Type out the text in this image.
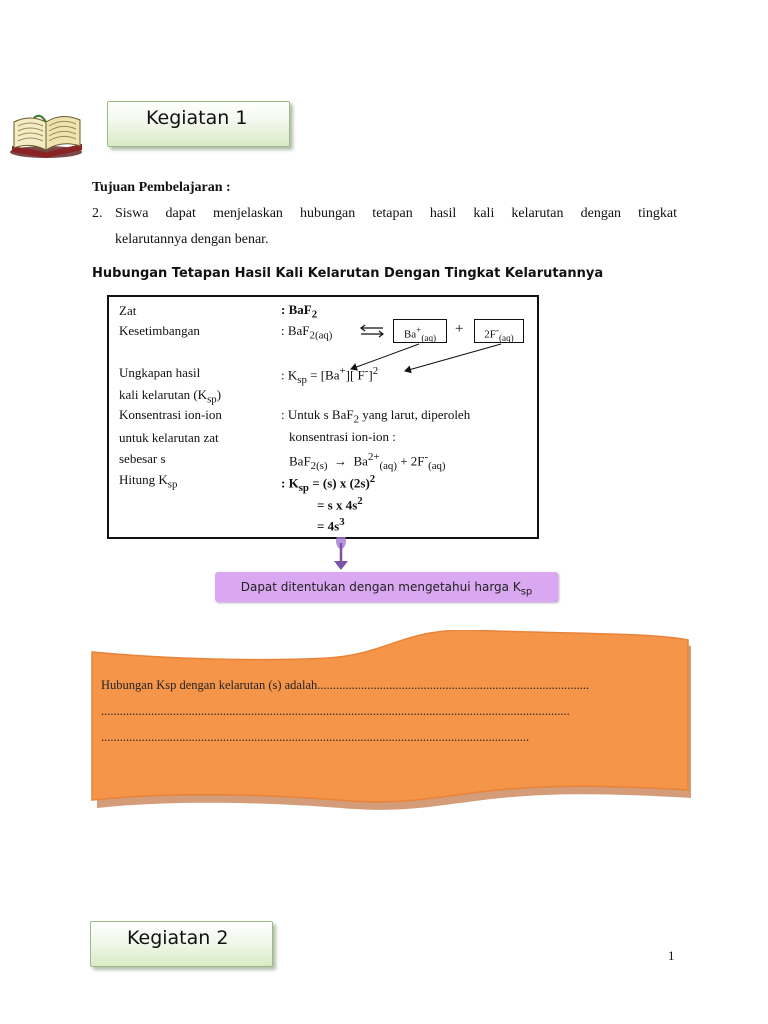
Kegiatan 1
Tujuan Pembelajaran :
2. Siswa dapat menjelaskan hubungan tetapan hasil kali kelarutan dengan tingkat
kelarutannya dengan benar.
Hubungan Tetapan Hasil Kali Kelarutan Dengan Tingkat Kelarutannya
Zat
Kesetimbangan
Ungkapan hasil
kali kelarutan $(K_{sp})$
Konsentrasi ion-ion
untuk kelarutan zat
sebesar s
Hitung $K_{sp}$
: BaF$_2$
: BaF$_{2(aq)}$ ⇌	$Ba^+_{(aq)}$
+	$2F^-_{(aq)}$
: $K_{sp} = [Ba^+]$[ F-]$^2$
: Untuk s BaF$_2$ yang larut, diperoleh
konsentrasi ion-ion :
$BaF_{2(s)} \to Ba^{2+}_{(aq)} + 2F^-_{(aq)}$
: $K_{sp} = (s)$ x $(2s)^2$
= s x $4s^2$
= $4s^3$
Dapat ditentukan dengan mengetahui harga $K_{sp}$
Hubungan Ksp dengan kelarutan (s) adalah.......................................................................................
......................................................................................................................................................
.........................................................................................................................................
Kegiatan 2
1
